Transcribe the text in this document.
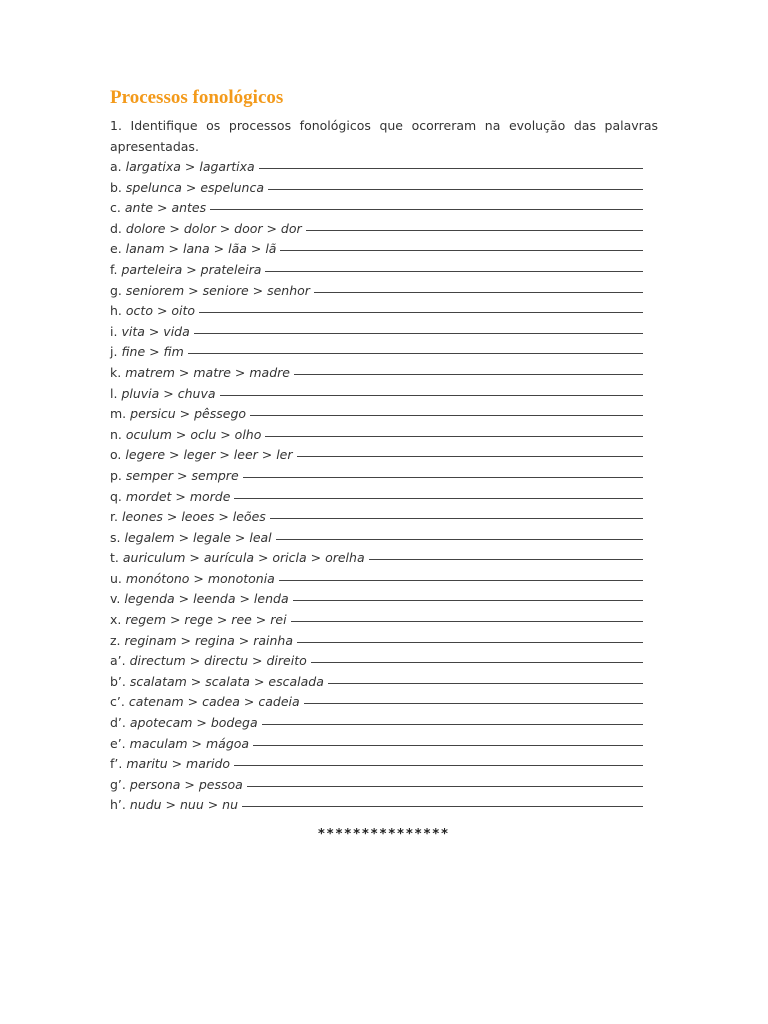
Processos fonológicos

1. Identifique os processos fonológicos que ocorreram na evolução das palavras apresentadas.

a. largatixa > lagartixa
b. spelunca > espelunca
c. ante > antes
d. dolore > dolor > door > dor
e. lanam > lana > lãa > lã
f. parteleira > prateleira
g. seniorem > seniore > senhor
h. octo > oito
i. vita > vida
j. fine > fim
k. matrem > matre > madre
l. pluvia > chuva
m. persicu > pêssego
n. oculum > oclu > olho
o. legere > leger > leer > ler
p. semper > sempre
q. mordet > morde
r. leones > leoes > leões
s. legalem > legale > leal
t. auriculum > aurícula > oricla > orelha
u. monótono > monotonia
v. legenda > leenda > lenda
x. regem > rege > ree > rei
z. reginam > regina > rainha
a’. directum > directu > direito
b’. scalatam > scalata > escalada
c’. catenam > cadea > cadeia
d’. apotecam > bodega
e’. maculam > mágoa
f’. maritu > marido
g’. persona > pessoa
h’. nudu > nuu > nu
***************
